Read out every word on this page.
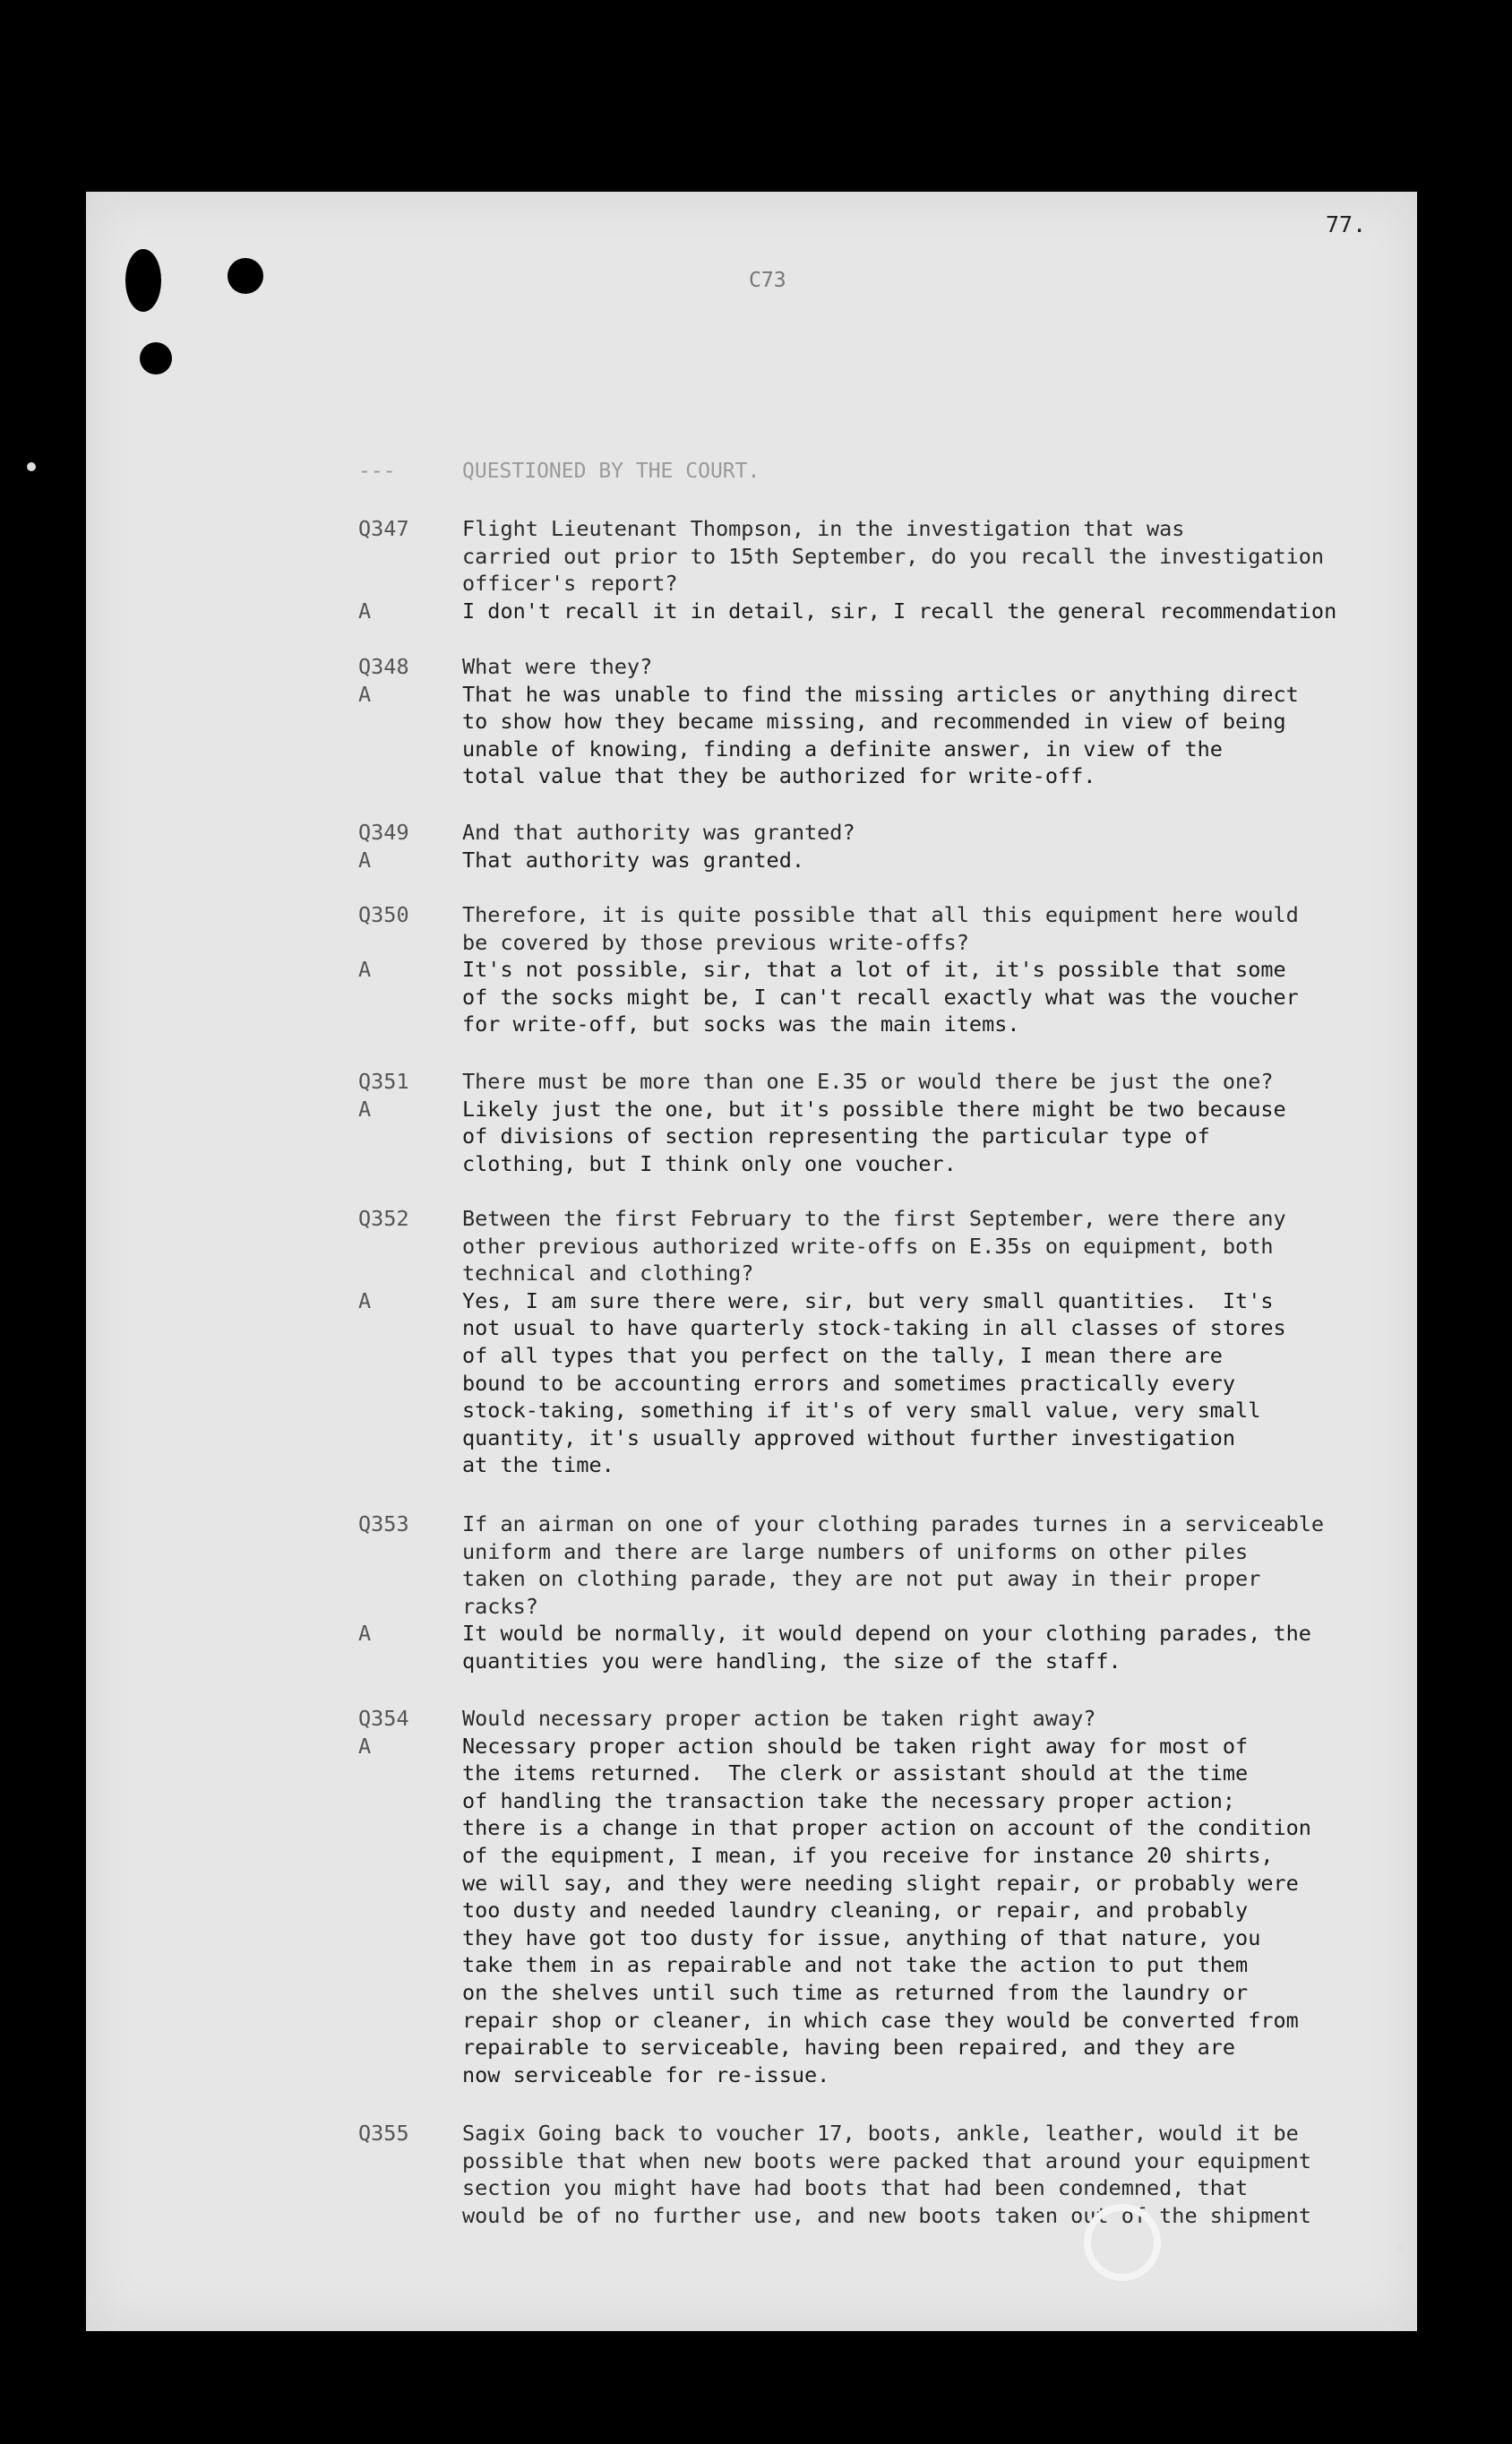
77.
C73
---	QUESTIONED BY THE COURT.
Q347	Flight Lieutenant Thompson, in the investigation that was
carried out prior to 15th September, do you recall the investigation
officer's report?
A	I don't recall it in detail, sir, I recall the general recommendation
Q348	What were they?
A	That he was unable to find the missing articles or anything direct
to show how they became missing, and recommended in view of being
unable of knowing, finding a definite answer, in view of the
total value that they be authorized for write-off.
Q349	And that authority was granted?
A	That authority was granted.
Q350	Therefore, it is quite possible that all this equipment here would
be covered by those previous write-offs?
A	It's not possible, sir, that a lot of it, it's possible that some
of the socks might be, I can't recall exactly what was the voucher
for write-off, but socks was the main items.
Q351	There must be more than one E.35 or would there be just the one?
A	Likely just the one, but it's possible there might be two because
of divisions of section representing the particular type of
clothing, but I think only one voucher.
Q352	Between the first February to the first September, were there any
other previous authorized write-offs on E.35s on equipment, both
technical and clothing?
A	Yes, I am sure there were, sir, but very small quantities.  It's
not usual to have quarterly stock-taking in all classes of stores
of all types that you perfect on the tally, I mean there are
bound to be accounting errors and sometimes practically every
stock-taking, something if it's of very small value, very small
quantity, it's usually approved without further investigation
at the time.
Q353	If an airman on one of your clothing parades turnes in a serviceable
uniform and there are large numbers of uniforms on other piles
taken on clothing parade, they are not put away in their proper
racks?
A	It would be normally, it would depend on your clothing parades, the
quantities you were handling, the size of the staff.
Q354	Would necessary proper action be taken right away?
A	Necessary proper action should be taken right away for most of
the items returned.  The clerk or assistant should at the time
of handling the transaction take the necessary proper action;
there is a change in that proper action on account of the condition
of the equipment, I mean, if you receive for instance 20 shirts,
we will say, and they were needing slight repair, or probably were
too dusty and needed laundry cleaning, or repair, and probably
they have got too dusty for issue, anything of that nature, you
take them in as repairable and not take the action to put them
on the shelves until such time as returned from the laundry or
repair shop or cleaner, in which case they would be converted from
repairable to serviceable, having been repaired, and they are
now serviceable for re-issue.
Q355	Sagix Going back to voucher 17, boots, ankle, leather, would it be
possible that when new boots were packed that around your equipment
section you might have had boots that had been condemned, that
would be of no further use, and new boots taken out of the shipment
